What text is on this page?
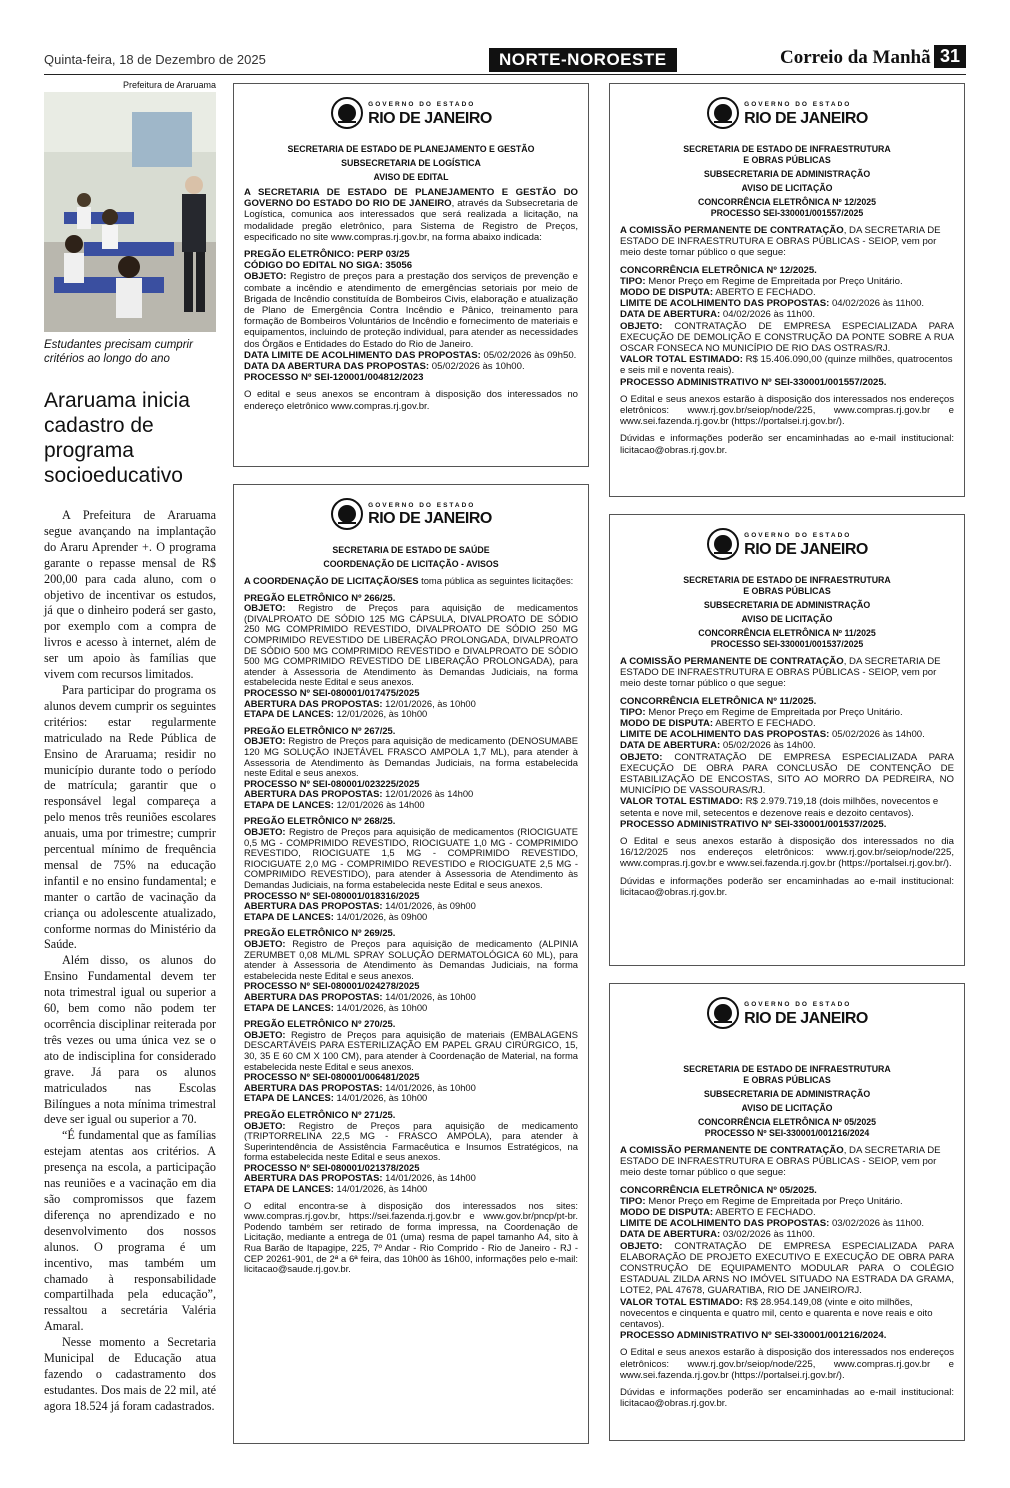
Quinta-feira, 18 de Dezembro de 2025	NORTE-NOROESTE	Correio da Manhã 31
Prefeitura de Araruama
Estudantes precisam cumprir critérios ao longo do ano
Araruama inicia cadastro de programa socioeducativo

A Prefeitura de Araruama segue avançando na implantação do Araru Aprender +. O programa garante o repasse mensal de R$ 200,00 para cada aluno, com o objetivo de incentivar os estudos, já que o dinheiro poderá ser gasto, por exemplo com a compra de livros e acesso à internet, além de ser um apoio às famílias que vivem com recursos limitados.

Para participar do programa os alunos devem cumprir os seguintes critérios: estar regularmente matriculado na Rede Pública de Ensino de Araruama; residir no município durante todo o período de matrícula; garantir que o responsável legal compareça a pelo menos três reuniões escolares anuais, uma por trimestre; cumprir percentual mínimo de frequência mensal de 75% na educação infantil e no ensino fundamental; e manter o cartão de vacinação da criança ou adolescente atualizado, conforme normas do Ministério da Saúde.

Além disso, os alunos do Ensino Fundamental devem ter nota trimestral igual ou superior a 60, bem como não podem ter ocorrência disciplinar reiterada por três vezes ou uma única vez se o ato de indisciplina for considerado grave. Já para os alunos matriculados nas Escolas Bilíngues a nota mínima trimestral deve ser igual ou superior a 70.

“É fundamental que as famílias estejam atentas aos critérios. A presença na escola, a participação nas reuniões e a vacinação em dia são compromissos que fazem diferença no aprendizado e no desenvolvimento dos nossos alunos. O programa é um incentivo, mas também um chamado à responsabilidade compartilhada pela educação”, ressaltou a secretária Valéria Amaral.

Nesse momento a Secretaria Municipal de Educação atua fazendo o cadastramento dos estudantes. Dos mais de 22 mil, até agora 18.524 já foram cadastrados.

GOVERNO DO ESTADO
RIO DE JANEIRO
SECRETARIA DE ESTADO DE PLANEJAMENTO E GESTÃO
SUBSECRETARIA DE LOGÍSTICA
AVISO DE EDITAL
A SECRETARIA DE ESTADO DE PLANEJAMENTO E GESTÃO DO GOVERNO DO ESTADO DO RIO DE JANEIRO, através da Subsecretaria de Logística, comunica aos interessados que será realizada a licitação, na modalidade pregão eletrônico, para Sistema de Registro de Preços, especificado no site www.compras.rj.gov.br, na forma abaixo indicada:
PREGÃO ELETRÔNICO: PERP 03/25
CÓDIGO DO EDITAL NO SIGA: 35056
OBJETO: Registro de preços para a prestação dos serviços de prevenção e combate a incêndio e atendimento de emergências setoriais por meio de Brigada de Incêndio constituída de Bombeiros Civis, elaboração e atualização de Plano de Emergência Contra Incêndio e Pânico, treinamento para formação de Bombeiros Voluntários de Incêndio e fornecimento de materiais e equipamentos, incluindo de proteção individual, para atender as necessidades dos Órgãos e Entidades do Estado do Rio de Janeiro.
DATA LIMITE DE ACOLHIMENTO DAS PROPOSTAS: 05/02/2026 às 09h50.
DATA DA ABERTURA DAS PROPOSTAS: 05/02/2026 às 10h00.
PROCESSO Nº SEI-120001/004812/2023
O edital e seus anexos se encontram à disposição dos interessados no endereço eletrônico www.compras.rj.gov.br.
GOVERNO DO ESTADO
RIO DE JANEIRO
SECRETARIA DE ESTADO DE SAÚDE
COORDENAÇÃO DE LICITAÇÃO - AVISOS
A COORDENAÇÃO DE LICITAÇÃO/SES toma pública as seguintes licitações:
PREGÃO ELETRÔNICO Nº 266/25.
OBJETO: Registro de Preços para aquisição de medicamentos (DIVALPROATO DE SÓDIO 125 MG CÁPSULA, DIVALPROATO DE SÓDIO 250 MG COMPRIMIDO REVESTIDO, DIVALPROATO DE SÓDIO 250 MG COMPRIMIDO REVESTIDO DE LIBERAÇÃO PROLONGADA, DIVALPROATO DE SÓDIO 500 MG COMPRIMIDO REVESTIDO e DIVALPROATO DE SÓDIO 500 MG COMPRIMIDO REVESTIDO DE LIBERAÇÃO PROLONGADA), para atender à Assessoria de Atendimento às Demandas Judiciais, na forma estabelecida neste Edital e seus anexos.
PROCESSO Nº SEI-080001/017475/2025
ABERTURA DAS PROPOSTAS: 12/01/2026, às 10h00
ETAPA DE LANCES: 12/01/2026, às 10h00
PREGÃO ELETRÔNICO Nº 267/25.
OBJETO: Registro de Preços para aquisição de medicamento (DENOSUMABE 120 MG SOLUÇÃO INJETÁVEL FRASCO AMPOLA 1,7 ML), para atender à Assessoria de Atendimento às Demandas Judiciais, na forma estabelecida neste Edital e seus anexos.
PROCESSO Nº SEI-080001/023225/2025
ABERTURA DAS PROPOSTAS: 12/01/2026 às 14h00
ETAPA DE LANCES: 12/01/2026 às 14h00
PREGÃO ELETRÔNICO Nº 268/25.
OBJETO: Registro de Preços para aquisição de medicamentos (RIOCIGUATE 0,5 MG - COMPRIMIDO REVESTIDO, RIOCIGUATE 1,0 MG - COMPRIMIDO REVESTIDO, RIOCIGUATE 1,5 MG - COMPRIMIDO REVESTIDO, RIOCIGUATE 2,0 MG - COMPRIMIDO REVESTIDO e RIOCIGUATE 2,5 MG - COMPRIMIDO REVESTIDO), para atender à Assessoria de Atendimento às Demandas Judiciais, na forma estabelecida neste Edital e seus anexos.
PROCESSO Nº SEI-080001/018316/2025
ABERTURA DAS PROPOSTAS: 14/01/2026, às 09h00
ETAPA DE LANCES: 14/01/2026, às 09h00
PREGÃO ELETRÔNICO Nº 269/25.
OBJETO: Registro de Preços para aquisição de medicamento (ALPINIA ZERUMBET 0,08 ML/ML SPRAY SOLUÇÃO DERMATOLÓGICA 60 ML), para atender à Assessoria de Atendimento às Demandas Judiciais, na forma estabelecida neste Edital e seus anexos.
PROCESSO Nº SEI-080001/024278/2025
ABERTURA DAS PROPOSTAS: 14/01/2026, às 10h00
ETAPA DE LANCES: 14/01/2026, às 10h00
PREGÃO ELETRÔNICO Nº 270/25.
OBJETO: Registro de Preços para aquisição de materiais (EMBALAGENS DESCARTÁVEIS PARA ESTERILIZAÇÃO EM PAPEL GRAU CIRÚRGICO, 15, 30, 35 E 60 CM X 100 CM), para atender à Coordenação de Material, na forma estabelecida neste Edital e seus anexos.
PROCESSO Nº SEI-080001/006481/2025
ABERTURA DAS PROPOSTAS: 14/01/2026, às 10h00
ETAPA DE LANCES: 14/01/2026, às 10h00
PREGÃO ELETRÔNICO Nº 271/25.
OBJETO: Registro de Preços para aquisição de medicamento (TRIPTORRELINA 22,5 MG - FRASCO AMPOLA), para atender à Superintendência de Assistência Farmacêutica e Insumos Estratégicos, na forma estabelecida neste Edital e seus anexos.
PROCESSO Nº SEI-080001/021378/2025
ABERTURA DAS PROPOSTAS: 14/01/2026, às 14h00
ETAPA DE LANCES: 14/01/2026, às 14h00
O edital encontra-se à disposição dos interessados nos sites: www.compras.rj.gov.br, https://sei.fazenda.rj.gov.br e www.gov.br/pncp/pt-br. Podendo também ser retirado de forma impressa, na Coordenação de Licitação, mediante a entrega de 01 (uma) resma de papel tamanho A4, sito à Rua Barão de Itapagipe, 225, 7º Andar - Rio Comprido - Rio de Janeiro - RJ - CEP 20261-901, de 2ª a 6ª feira, das 10h00 às 16h00, informações pelo e-mail: licitacao@saude.rj.gov.br.
GOVERNO DO ESTADO
RIO DE JANEIRO
SECRETARIA DE ESTADO DE INFRAESTRUTURA
E OBRAS PÚBLICAS
SUBSECRETARIA DE ADMINISTRAÇÃO
AVISO DE LICITAÇÃO
CONCORRÊNCIA ELETRÔNICA Nº 12/2025
PROCESSO SEI-330001/001557/2025
A COMISSÃO PERMANENTE DE CONTRATAÇÃO, DA SECRETARIA DE ESTADO DE INFRAESTRUTURA E OBRAS PÚBLICAS - SEIOP, vem por meio deste tornar público o que segue:
CONCORRÊNCIA ELETRÔNICA Nº 12/2025.
TIPO: Menor Preço em Regime de Empreitada por Preço Unitário.
MODO DE DISPUTA: ABERTO E FECHADO.
LIMITE DE ACOLHIMENTO DAS PROPOSTAS: 04/02/2026 às 11h00.
DATA DE ABERTURA: 04/02/2026 às 11h00.
OBJETO: CONTRATAÇÃO DE EMPRESA ESPECIALIZADA PARA EXECUÇÃO DE DEMOLIÇÃO E CONSTRUÇÃO DA PONTE SOBRE A RUA OSCAR FONSECA NO MUNICÍPIO DE RIO DAS OSTRAS/RJ.
VALOR TOTAL ESTIMADO: R$ 15.406.090,00 (quinze milhões, quatrocentos e seis mil e noventa reais).
PROCESSO ADMINISTRATIVO Nº SEI-330001/001557/2025.
O Edital e seus anexos estarão à disposição dos interessados nos endereços eletrônicos: www.rj.gov.br/seiop/node/225, www.compras.rj.gov.br e www.sei.fazenda.rj.gov.br (https://portalsei.rj.gov.br/).
Dúvidas e informações poderão ser encaminhadas ao e-mail institucional: licitacao@obras.rj.gov.br.
GOVERNO DO ESTADO
RIO DE JANEIRO
SECRETARIA DE ESTADO DE INFRAESTRUTURA
E OBRAS PÚBLICAS
SUBSECRETARIA DE ADMINISTRAÇÃO
AVISO DE LICITAÇÃO
CONCORRÊNCIA ELETRÔNICA Nº 11/2025
PROCESSO SEI-330001/001537/2025
A COMISSÃO PERMANENTE DE CONTRATAÇÃO, DA SECRETARIA DE ESTADO DE INFRAESTRUTURA E OBRAS PÚBLICAS - SEIOP, vem por meio deste tornar público o que segue:
CONCORRÊNCIA ELETRÔNICA Nº 11/2025.
TIPO: Menor Preço em Regime de Empreitada por Preço Unitário.
MODO DE DISPUTA: ABERTO E FECHADO.
LIMITE DE ACOLHIMENTO DAS PROPOSTAS: 05/02/2026 às 14h00.
DATA DE ABERTURA: 05/02/2026 às 14h00.
OBJETO: CONTRATAÇÃO DE EMPRESA ESPECIALIZADA PARA EXECUÇÃO DE OBRA PARA CONCLUSÃO DE CONTENÇÃO DE ESTABILIZAÇÃO DE ENCOSTAS, SITO AO MORRO DA PEDREIRA, NO MUNICÍPIO DE VASSOURAS/RJ.
VALOR TOTAL ESTIMADO: R$ 2.979.719,18 (dois milhões, novecentos e setenta e nove mil, setecentos e dezenove reais e dezoito centavos).
PROCESSO ADMINISTRATIVO Nº SEI-330001/001537/2025.
O Edital e seus anexos estarão à disposição dos interessados no dia 16/12/2025 nos endereços eletrônicos: www.rj.gov.br/seiop/node/225, www.compras.rj.gov.br e www.sei.fazenda.rj.gov.br (https://portalsei.rj.gov.br/).
Dúvidas e informações poderão ser encaminhadas ao e-mail institucional: licitacao@obras.rj.gov.br.
GOVERNO DO ESTADO
RIO DE JANEIRO
SECRETARIA DE ESTADO DE INFRAESTRUTURA
E OBRAS PÚBLICAS
SUBSECRETARIA DE ADMINISTRAÇÃO
AVISO DE LICITAÇÃO
CONCORRÊNCIA ELETRÔNICA Nº 05/2025
PROCESSO Nº SEI-330001/001216/2024
A COMISSÃO PERMANENTE DE CONTRATAÇÃO, DA SECRETARIA DE ESTADO DE INFRAESTRUTURA E OBRAS PÚBLICAS - SEIOP, vem por meio deste tornar público o que segue:
CONCORRÊNCIA ELETRÔNICA Nº 05/2025.
TIPO: Menor Preço em Regime de Empreitada por Preço Unitário.
MODO DE DISPUTA: ABERTO E FECHADO.
LIMITE DE ACOLHIMENTO DAS PROPOSTAS: 03/02/2026 às 11h00.
DATA DE ABERTURA: 03/02/2026 às 11h00.
OBJETO: CONTRATAÇÃO DE EMPRESA ESPECIALIZADA PARA ELABORAÇÃO DE PROJETO EXECUTIVO E EXECUÇÃO DE OBRA PARA CONSTRUÇÃO DE EQUIPAMENTO MODULAR PARA O COLÉGIO ESTADUAL ZILDA ARNS NO IMÓVEL SITUADO NA ESTRADA DA GRAMA, LOTE2, PAL 47678, GUARATIBA, RIO DE JANEIRO/RJ.
VALOR TOTAL ESTIMADO: R$ 28.954.149,08 (vinte e oito milhões, novecentos e cinquenta e quatro mil, cento e quarenta e nove reais e oito centavos).
PROCESSO ADMINISTRATIVO Nº SEI-330001/001216/2024.
O Edital e seus anexos estarão à disposição dos interessados nos endereços eletrônicos: www.rj.gov.br/seiop/node/225, www.compras.rj.gov.br e www.sei.fazenda.rj.gov.br (https://portalsei.rj.gov.br/).
Dúvidas e informações poderão ser encaminhadas ao e-mail institucional: licitacao@obras.rj.gov.br.
